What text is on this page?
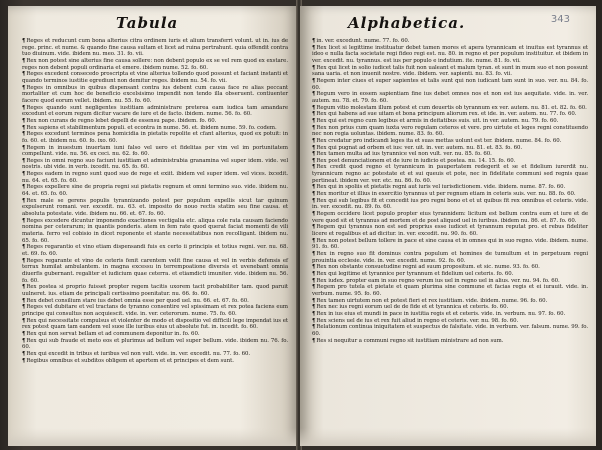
Tabula

¶Reges et reducunt cum bona alterius citra ordinem iuris et alium transferri volunt. ut in. ius de rege. princ. et nume. & quando fine causa sultam et licet ad ruina pertrahunt. quia offendit contra tuo diuinum. vide. ibidem nu. meo. 31. fo. vii.

¶Rex non potest sine alterius fine causa sollere: non debent populo ex se vel rem quod ex exstare. reges non debent populi ordinaria et emere. ibidem nume. 52. fo. 60.

¶Reges excedent consecedo proscripta et vine alterius tollendo quod possunt et faciant instanti et quando terminos iustitie egrediunt non demitur reges. ibidem nu. 54. fo. vii.

¶Reges in omnibus in quibus dispensant contra ius debent cum causa face re alias peccant mortaliter et cum hoc de beneficio excelsisimo impendit non tendo illa obseruent. contiuenter facere quod eorum vellet. ibidem. nu. 55. fo. 60.

¶Reges quando sunt negligentes iustitiam administrare preterea eam iudica tam amandare excedunt et eorum regum dicitur vacare de iure et de facto. ibidem. nume. 56. fo. 60.

¶Rex non curans de regno lebet depelli de essensu pape. ibidem. fo. 60.

¶Rex sapiens et stabilimentum populi. et econtra in nume. 56. et. ibidem nume. 59. fo. codem.

¶Reges excedunt terminos pena homicidia in pietatis repolite et cfant alterius, quod ex potuit: in fo. 60. et. ibidem nu. 60. fo. ixo. 60.

¶Regem in inuestum inuertam iuni falso vel uero et fidelitas per vim vel im portunitatem compellunt. vide. nu. 56. ex ceci. nu. 62. fo. 60.

¶Reges in omni regno suo faciunt iustitiam et administrabia granamina vel super idem. vide. vel nostris. ubi vide. in verb. ixcedit. nu. 65. fo. 60.

¶Reges eadem in regno sunt quod suo de rege et exiit. ibidem vel super idem. vel vices. ixcedit. nu. 64. et. 65. fo. 60.

¶Reges expellere sine de propria regni sui pietatis regnum et omni termino suo. vide. ibidem nu. 64. et. 65. fo. 60.

¶Rex male se gerens populis tyrannizando potest per populum expellis sicut tar quinum expulserunt romani. ver. excedit. nu. 63. et. imposito do nouo rectis statim seu fine causa. et absoluta potestate. vide. ibidem nu. 66. et. 67. fo. 60.

¶Reges excedere dicuntur imponendo exactiones vectigalia etc. aliqua cole rata causam faciendo nomina per ceterarum; in quantis ponderis. atem in fem rate quod querat faciat momenti de vili materia. ferro vel cobisio in dicet reponente et stante necessitatibus non recolligant. ibidem nu. 65. fo. 60.

¶Reges regarantio et vino etiam dispensandi fuis ex certo ii principis et totius regni. ver. nu. 68. et. 69. fo. 60.

¶Reges regarante et vino de ceteris fenit carentem velit fine causa et vel in verbis defensis ef terrax humilat ambulantem. in magna excessu in terrempoatione diversis et uvenebant omnia diuerfis gubernant. regaliter et iudicium quae ceterra. et etiamdicti imuniter. vide. ibidem nu. 56. fo. 60.

¶Rex postea si proprio fuisset propter regem tacitis uxorem tacit probabiliter tam. quod paruit uulneret. ius. etiam de principali certissimo poenitatur. nu. 66. fo. 60.

¶Rex debet consilium stare ius debet omnia esse per quod uel. nu. 66. et. 67. fo. 60.

¶Reges vel dubitare et vel tractans de tyranno consentire vel spissimam et rex potea faciens eum principe qui consultus non acquiescit. vide. in. ver. ceterorum. nume. 75. fo. 60.

¶Rex qui necessitate compulsus et violenter de modo et dispositio vel difficili lege impendat ius et rex potest quam tam eandem vel suoe ille iuribus eius ut absolute fut. in. ixcedit. fo. 60.

¶Rex qui non servat bellam et ad communem deponitur in. fo. 60.

¶Rex qui sub fraude et meto eos et plurimus ad bellum vel super bellum. vide. ibidem nu. 76. fo. 60.

¶Rex qui excedit in tribus et iuribus vel non vult. vide. in. ver. excedit. nu. 77. fo. 60.

¶Regibus omnibus et subditos obligem et apertem et et principes et dem sunt.

Alphabetica.	343

¶in. ver. excedunt. nume. 77. fo. 60.

¶Rex licet si legittime instituatur debet tamen mores et apera tyrannicam et inuitus est tyrannus et ideo e nulla facta societate regi fideo regi est. nu. 80. in regno et per populum instituitur. et ibidem in ver. excedit. nu. tyrannus. est ius per populo e indutium. ite. nume. 81. fo. vii.

¶Rex qui licet in solio iudicet talis fuit non ualeant et malum tyran. et sunt in mum suo et non possunt sana uaria. et non inuenit nostre. vide. ibidem. ver. sapienti. nu. 83. fo. vii.

¶Regem inter ciues et super sapientes et talis sunt qui non iudicant tam sunt in suo. ver. nu. 84. fo. 60.

¶Regum vero in eosem sapientiam fine ius debet omnes nos et non est ius aequitate. vide. in. ver. autem. nu. 78. et. 79. fo. 60.

¶Regum vitio molestam illum potest et cum deuertis ob tyrannum ex ver. autem. nu. 81. et. 82. fo. 60.

¶Rex qui habens ad sue uitam et bona principum aliorum rex. et ide. in. ver. autem. nu. 77. fo. 60.

¶Rex qui est regno cum legibus et armis in deitatibus suis. uit. in ver. autem. nu. 79. fo. 60.

¶Rex non prius cum quam iuxta vero regulam ceteros et vere. pro uirtute et leges regni constituendo nec non regia uoluntas. ibidem. nume. 83. fo. 60.

¶Rex credatur pro indicandi leges ita et suas mettas uolunt est ter. ibidem. nume. 84. fo. 60.

¶Rex qui pugnat ad orbem et ius: ver. uit. in. ver. autem. nu. 81. et. 83. fo. 60.

¶Rex tamen multa ad ius tyrannice vel non vult. ver. nu. 85. fo. 60.

¶Rex post denunciationem et de iure in iudicio et postea. nu. 14. 15. fo. 60.

¶Rex credit quod regno et tyrannicum in paupertatem redegerit et se et fidelium iurerdit nu. tyrannicum regno ac potestate et et sui queuis et pote, nec in fidelitate communi sed regnis quae pertineat. ibidem ver. ver. etc. nu. 86. fo. 60.

¶Rex qui in spoliis et pietatis regni aut iuris vel iurisdictionem. vide. ibidem. nume. 87. fo. 60.

¶Rex moritur et illius in exercitio tyrannus ut per regnum etiam in ceteris suis. ver. nu. 88. fo. 60.

¶Rex qui sub legibus fit et concedit ius pro regni bono et et ut quibus fit rex omnibus et ceteris. vide. in. ver. excedit. nu. 89. fo. 60.

¶Regem occidere licet populo propter eius tyrannidem: licitum est bellum contra eum et iure et de vere quod sit et tyrannus ad mortem et de post aliquod uel in iuribus. ibidem nu. 86. et. 87. fo. 60.

¶Regem qui tyrannus non est sed proprius esse iudicet et tyrannum reputat pro. et rebus fideliter licere et regalibus et ad dicitur. in. ver. excedit. nu. 90. fo. 60.

¶Rex non potest bellum tollere in pace et sine causa et in omnes qui in suo regno. vide. ibidem. nume. 91. fo. 60.

¶Rex in regno suo fit dominus contra populum et homines de tumultum et in perpetuum regni prouintia ecclesie. vide. in. ver. excedit. nume. 92. fo. 60.

¶Rex non obstante consuetudine regni ad suum propositum. et sic. nume. 93. fo. 60.

¶Rex qui legitime et tyrannice per tyrannum et fidelium uel ceteris. fo. 60.

¶Rex iudex. propter eam in suo regno verum ius uel in regno uel in alius. ver. nu. 94. fo. 60.

¶Regem pro tutela et pietate et quam plurima sine commune et facias regis et ei iurauit. vide. in. verbum. nume. 95. fo. 60.

¶Rex tamen uirtutem non et potest fieri et rex iustitiam. vide. ibidem. nume. 96. fo. 60.

¶Rex nec ius regni eorum uel de de fide et et tyrannica et ceteris. fo. 60.

¶Rex in ius eius et mundi in pace in iustitia regis et et ceteris. vide. in. verbum. nu. 97. fo. 60.

¶Rex sciens uel de ius et rex fuit aliud in regno et ceteris. ver. nu. 98. fo. 60.

¶Relationum continua iniquitatem et suspectus de falsitate. vide. in verbum. ver. falsum. nume. 99. fo. 60.

¶Res si nequitur a communi regno sit iustitiam ministrare ad non sum.
